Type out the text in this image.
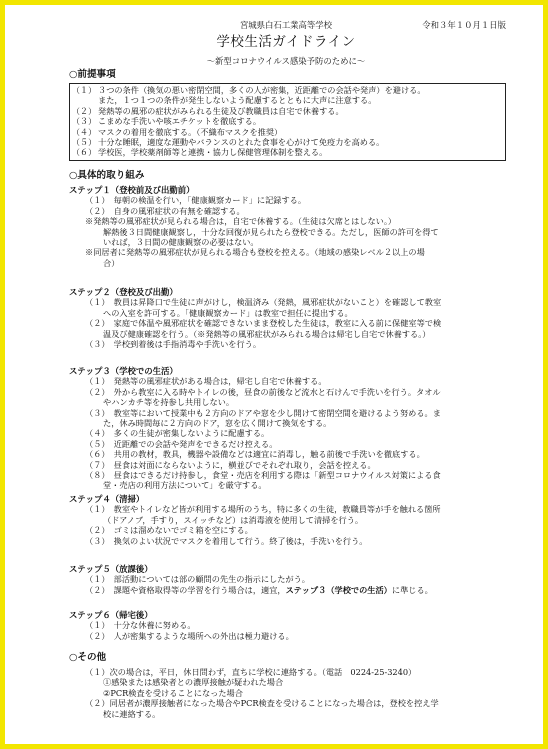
宮城県白石工業高等学校	令和３年１０月１日版
学校生活ガイドライン
～新型コロナウイルス感染予防のために～
○前提事項
（１） ３つの条件（換気の悪い密閉空間，多くの人が密集，近距離での会話や発声）を避ける。
また，１つ１つの条件が発生しないよう配慮するとともに大声に注意する。
（２） 発熱等の風邪の症状がみられる生徒及び教職員は自宅で休養する。
（３） こまめな手洗いや咳エチケットを徹底する。
（４） マスクの着用を徹底する。（不織布マスクを推奨）
（５） 十分な睡眠，適度な運動やバランスのとれた食事を心がけて免疫力を高める。
（６） 学校医，学校薬剤師等と連携・協力し保健管理体制を整える。
○具体的取り組み
ステップ１（登校前及び出勤前）
（１）　毎朝の検温を行い，「健康観察カード」に記録する。
（２）　自身の風邪症状の有無を確認する。
※発熱等の風邪症状が見られる場合は，自宅で休養する。（生徒は欠席とはしない。）
解熱後３日間健康観察し，十分な回復が見られたら登校できる。ただし，医師の許可を得て
いれば，３日間の健康観察の必要はない。
※同居者に発熱等の風邪症状が見られる場合も登校を控える。（地域の感染レベル２以上の場
合）
ステップ２（登校及び出勤）
（１）　教員は昇降口で生徒に声がけし，検温済み（発熱，風邪症状がないこと）を確認して教室
への入室を許可する。「健康観察カード」は教室で担任に提出する。
（２）　家庭で体温や風邪症状を確認できないまま登校した生徒は，教室に入る前に保健室等で検
温及び健康確認を行う。（※発熱等の風邪症状がみられる場合は帰宅し自宅で休養する。）
（３）　学校到着後は手指消毒や手洗いを行う。
ステップ３（学校での生活）
（１）　発熱等の風邪症状がある場合は，帰宅し自宅で休養する。
（２）　外から教室に入る時やトイレの後，昼食の前後など流水と石けんで手洗いを行う。タオル
やハンカチ等を持参し共用しない。
（３）　教室等において授業中も２方向のドアや窓を少し開けて密閉空間を避けるよう努める。ま
た，休み時間毎に２方向のドア，窓を広く開けて換気をする。
（４）　多くの生徒が密集しないように配慮する。
（５）　近距離での会話や発声をできるだけ控える。
（６）　共用の教材，教具，機器や設備などは適宜に消毒し，触る前後で手洗いを徹底する。
（７）　昼食は対面にならないように，横並びでそれぞれ取り，会話を控える。
（８）　昼食はできるだけ持参し，食堂・売店を利用する際は「新型コロナウイルス対策による食
堂・売店の利用方法について」を厳守する。
ステップ４（清掃）
（１）　教室やトイレなど皆が利用する場所のうち，特に多くの生徒，教職員等が手を触れる箇所
（ドアノブ，手すり，スイッチなど）は消毒液を使用して清掃を行う。
（２）　ゴミは溜めないでゴミ箱を空にする。
（３）　換気のよい状況でマスクを着用して行う。終了後は，手洗いを行う。
ステップ５（放課後）
（１）　部活動については部の顧問の先生の指示にしたがう。
（２）　課題や資格取得等の学習を行う場合は，適宜，ステップ３（学校での生活）に準じる。
ステップ６（帰宅後）
（１）　十分な休養に努める。
（２）　人が密集するような場所への外出は極力避ける。
○その他
（１）次の場合は，平日，休日問わず，直ちに学校に連絡する。（電話　0224-25-3240）
①感染または感染者との濃厚接触が疑われた場合
②PCR検査を受けることになった場合
（２）同居者が濃厚接触者になった場合やPCR検査を受けることになった場合は，登校を控え学
校に連絡する。
